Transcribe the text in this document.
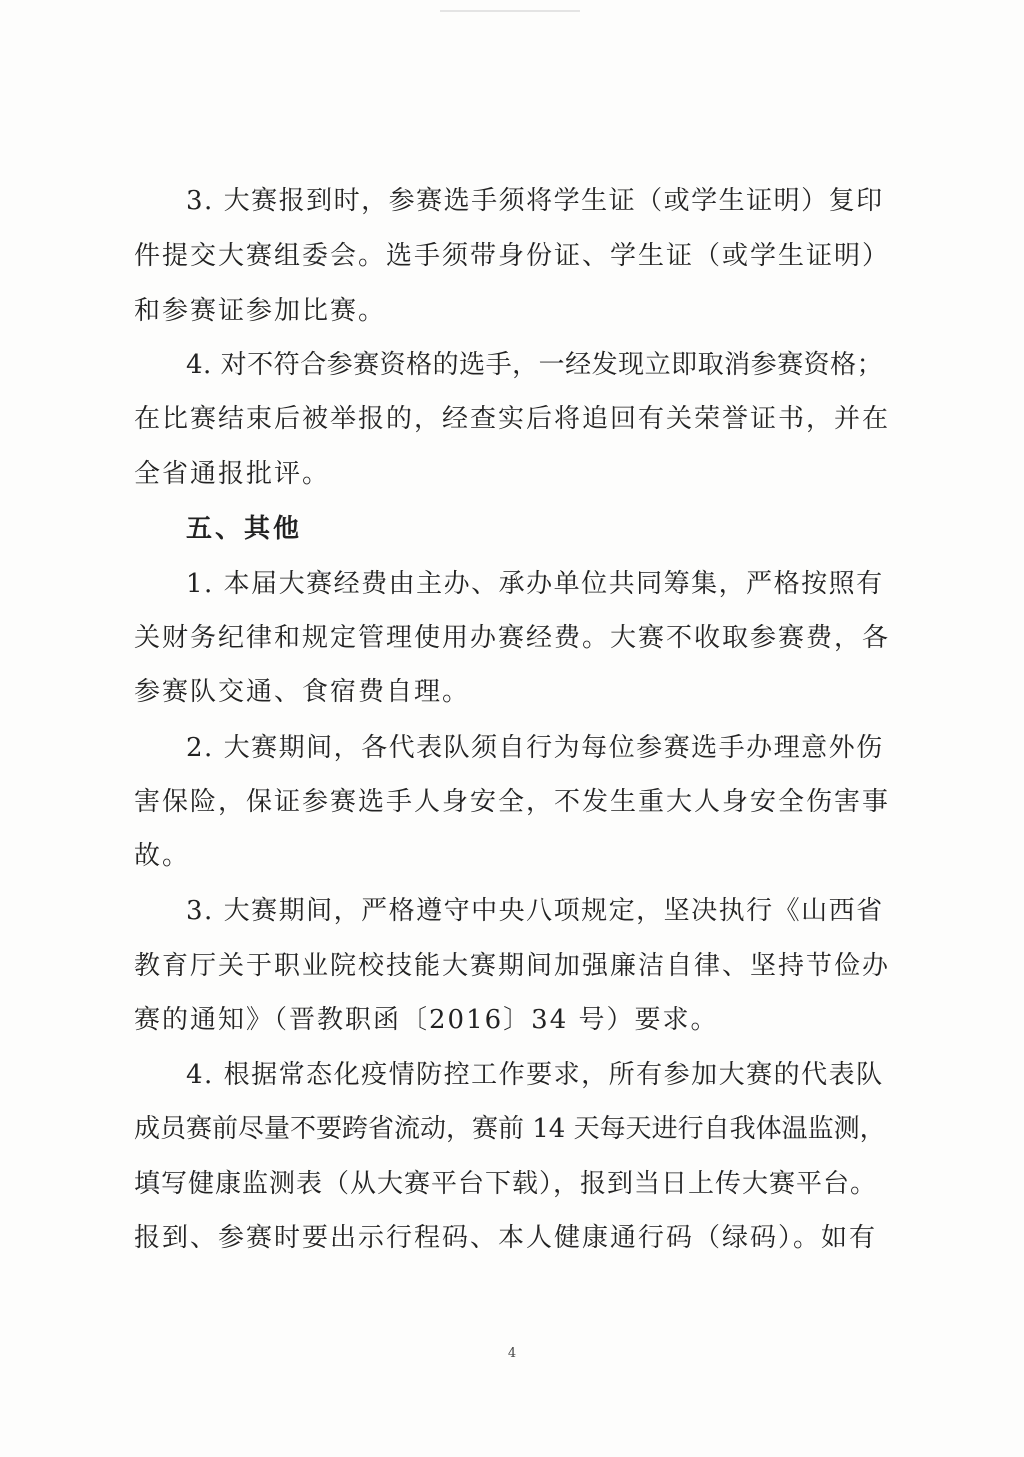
3. 大赛报到时，参赛选手须将学生证（或学生证明）复印
件提交大赛组委会。选手须带身份证、学生证（或学生证明）
和参赛证参加比赛。
4. 对不符合参赛资格的选手，一经发现立即取消参赛资格；
在比赛结束后被举报的，经查实后将追回有关荣誉证书，并在
全省通报批评。
五、其他
1. 本届大赛经费由主办、承办单位共同筹集，严格按照有
关财务纪律和规定管理使用办赛经费。大赛不收取参赛费，各
参赛队交通、食宿费自理。
2. 大赛期间，各代表队须自行为每位参赛选手办理意外伤
害保险，保证参赛选手人身安全，不发生重大人身安全伤害事
故。
3. 大赛期间，严格遵守中央八项规定，坚决执行《山西省
教育厅关于职业院校技能大赛期间加强廉洁自律、坚持节俭办
赛的通知》（晋教职函〔2016〕34 号）要求。
4. 根据常态化疫情防控工作要求，所有参加大赛的代表队
成员赛前尽量不要跨省流动，赛前 14 天每天进行自我体温监测，
填写健康监测表（从大赛平台下载），报到当日上传大赛平台。
报到、参赛时要出示行程码、本人健康通行码（绿码）。如有
4
